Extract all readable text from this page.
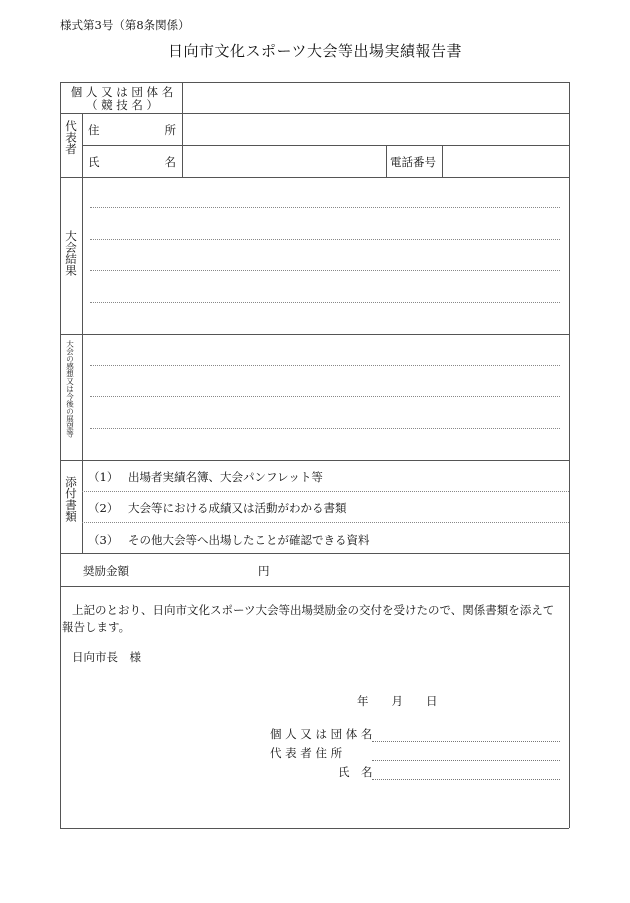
様式第3号（第8条関係）
日向市文化スポーツ大会等出場実績報告書
個 人 又 は 団 体 名
（ 競 技 名 ）
代表者 住 所
氏 名	電話番号
大会結果
大会の感想又は今後の展望等
添付書類 （1） 出場者実績名簿、大会パンフレット等
（2） 大会等における成績又は活動がわかる書類
（3） その他大会等へ出場したことが確認できる資料
奨励金額	円
上記のとおり、日向市文化スポーツ大会等出場奨励金の交付を受けたので、関係書類を添えて
報告します。
日向市長　様
年　　月　　日
個 人 又 は 団 体 名
代 表 者 住 所
氏　名
